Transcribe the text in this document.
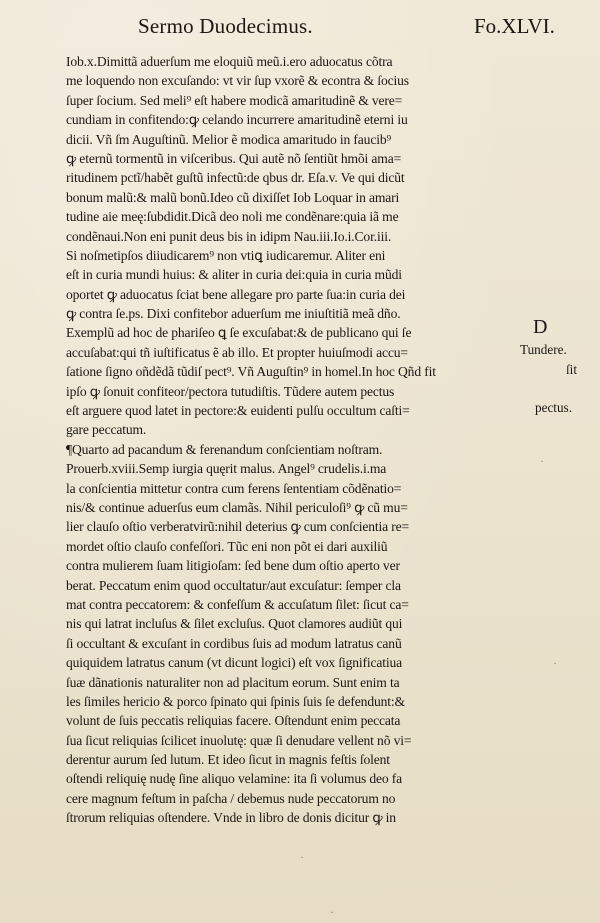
Sermo Duodecimus.	Fo.XLVI.
Iob.x.Dimittã aduerſum me eloquiũ meũ.i.ero aduocatus cõtra
me loquendo non excuſando: vt vir ſup vxorẽ & econtra & ſocius
ſuper ſocium. Sed meli⁹ eſt habere modicã amaritudinẽ & vere=
cundiam in confitendo:ꝙ celando incurrere amaritudinẽ eterni iu
dicii. Vñ ſm Auguſtinũ. Melior ẽ modica amaritudo in faucib⁹
ꝙ eternũ tormentũ in viſceribus. Qui autẽ nõ ſentiũt hmõi ama=
ritudinem pctĩ/habẽt guſtũ infectũ:de qbus dr. Eſa.v. Ve qui dicũt
bonum malũ:& malũ bonũ.Ideo cũ dixiſſet Iob Loquar in amari
tudine aie meę:ſubdidit.Dicã deo noli me condẽnare:quia iã me
condẽnaui.Non eni punit deus bis in idipm Nau.iii.Io.i.Cor.iii.
Si noſmetipſos diiudicarem⁹ non vtiꝗ iudicaremur. Aliter eni
eſt in curia mundi huius: & aliter in curia dei:quia in curia mũdi
oportet ꝙ aduocatus ſciat bene allegare pro parte ſua:in curia dei
ꝙ contra ſe.ps. Dixi confitebor aduerſum me iniuſtitiã meã dño.
Exemplũ ad hoc de phariſeo ꝗ ſe excuſabat:& de publicano qui ſe
accuſabat:qui tñ iuſtificatus ẽ ab illo. Et propter huiuſmodi accu=
ſatione ſigno oñdẽdã tũdiſ pect⁹. Vñ Auguſtin⁹ in homel.In hoc Qñd fit
ipſo ꝙ ſonuit confiteor/pectora tutudiſtis. Tũdere autem pectus
eſt arguere quod latet in pectore:& euidenti pulſu occultum caſti=
gare peccatum.
¶Quarto ad pacandum & ferenandum conſcientiam noſtram.
Prouerb.xviii.Semp iurgia quęrit malus. Angel⁹ crudelis.i.ma
la conſcientia mittetur contra cum ferens ſententiam cõdẽnatio=
nis/& continue aduerſus eum clamãs. Nihil periculoſi⁹ ꝙ cũ mu=
lier clauſo oſtio verberatvirũ:nihil deterius ꝙ cum conſcientia re=
mordet oſtio clauſo confeſſori. Tũc eni non põt ei dari auxiliũ
contra mulierem ſuam litigioſam: ſed bene dum oſtio aperto ver
berat. Peccatum enim quod occultatur/aut excuſatur: ſemper cla
mat contra peccatorem: & confeſſum & accuſatum ſilet: ſicut ca=
nis qui latrat incluſus & ſilet excluſus. Quot clamores audiũt qui
ſi occultant & excuſant in cordibus ſuis ad modum latratus canũ
quiquidem latratus canum (vt dicunt logici) eſt vox ſignificatiua
ſuæ dãnationis naturaliter non ad placitum eorum. Sunt enim ta
les ſimiles hericio & porco ſpinato qui ſpinis ſuis ſe defendunt:&
volunt de ſuis peccatis reliquias facere. Oſtendunt enim peccata
ſua ſicut reliquias ſcilicet inuolutę: quæ ſi denudare vellent nõ vi=
derentur aurum ſed lutum. Et ideo ſicut in magnis feſtis ſolent
oſtendi reliquię nudę ſine aliquo velamine: ita ſi volumus deo fa
cere magnum feſtum in paſcha / debemus nude peccatorum no
ſtrorum reliquias oſtendere. Vnde in libro de donis dicitur ꝙ in
D
Tundere.
pectus.
ſit
·
·
·
·
